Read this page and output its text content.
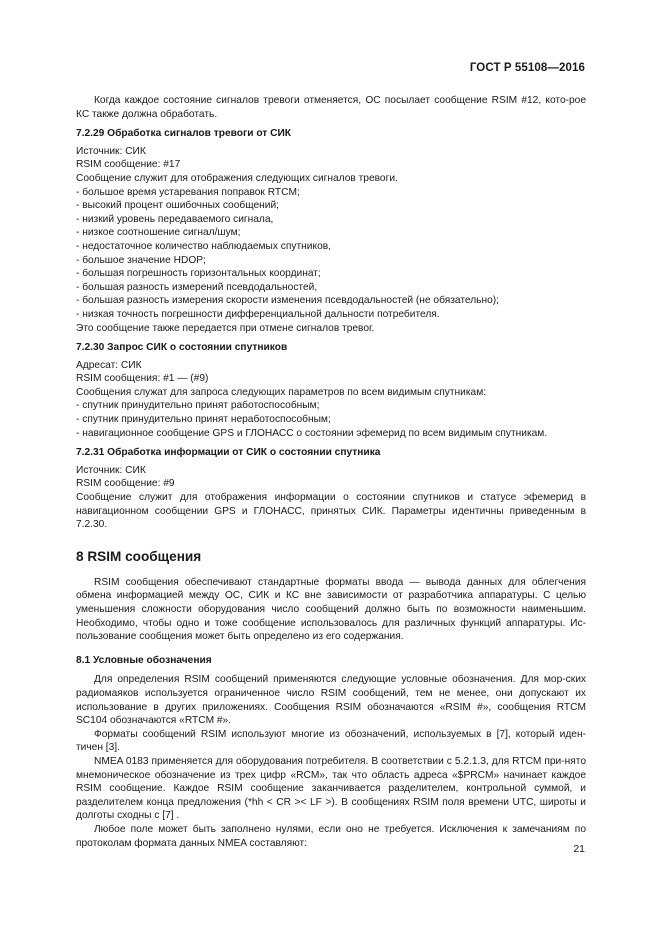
ГОСТ Р 55108—2016

Когда каждое состояние сигналов тревоги отменяется, ОС посылает сообщение RSIM #12, кото-рое КС также должна обработать.

7.2.29 Обработка сигналов тревоги от СИК

Источник: СИК

RSIM сообщение: #17

Сообщение служит для отображения следующих сигналов тревоги.

- большое время устаревания поправок RTCM;

- высокий процент ошибочных сообщений;

- низкий уровень передаваемого сигнала,

- низкое соотношение сигнал/шум;

- недостаточное количество наблюдаемых спутников,

- большое значение HDOP;

- большая погрешность горизонтальных координат;

- большая разность измерений псевдодальностей,

- большая разность измерения скорости изменения псевдодальностей (не обязательно);

- низкая точность погрешности дифференциальной дальности потребителя.

Это сообщение также передается при отмене сигналов тревог.

7.2.30 Запрос СИК о состоянии спутников

Адресат: СИК

RSIM сообщения: #1 — (#9)

Сообщения служат для запроса следующих параметров по всем видимым спутникам:

- спутник принудительно принят работоспособным;

- спутник принудительно принят неработоспособным;

- навигационное сообщение GPS и ГЛОНАСС о состоянии эфемерид по всем видимым спутникам.

7.2.31 Обработка информации от СИК о состоянии спутника

Источник: СИК

RSIM сообщение: #9

Сообщение служит для отображения информации о состоянии спутников и статусе эфемерид в навигационном сообщении GPS и ГЛОНАСС, принятых СИК. Параметры идентичны приведенным в 7.2.30.

8 RSIM сообщения

RSIM сообщения обеспечивают стандартные форматы ввода — вывода данных для облегчения обмена информацией между ОС, СИК и КС вне зависимости от разработчика аппаратуры. С целью уменьшения сложности оборудования число сообщений должно быть по возможности наименьшим. Необходимо, чтобы одно и тоже сообщение использовалось для различных функций аппаратуры. Ис-пользование сообщения может быть определено из его содержания.

8.1 Условные обозначения

Для определения RSIM сообщений применяются следующие условные обозначения. Для мор-ских радиомаяков используется ограниченное число RSIM сообщений, тем не менее, они допускают их использование в других приложениях. Сообщения RSIM обозначаются «RSIM #», сообщения RTCM SC104 обозначаются «RTCM #».

Форматы сообщений RSIM используют многие из обозначений, используемых в [7], который иден-тичен [3].

NMEA 0183 применяется для оборудования потребителя. В соответствии с 5.2.1.3, для RTCM при-нято мнемоническое обозначение из трех цифр «RCM», так что область адреса «$PRCM» начинает каждое RSIM сообщение. Каждое RSIM сообщение заканчивается разделителем, контрольной суммой, и разделителем конца предложения (*hh < CR >< LF >). В сообщениях RSIM поля времени UTC, широты и долготы сходны с [7] .

Любое поле может быть заполнено нулями, если оно не требуется. Исключения к замечаниям по протоколам формата данных NMEA составляют:	21
